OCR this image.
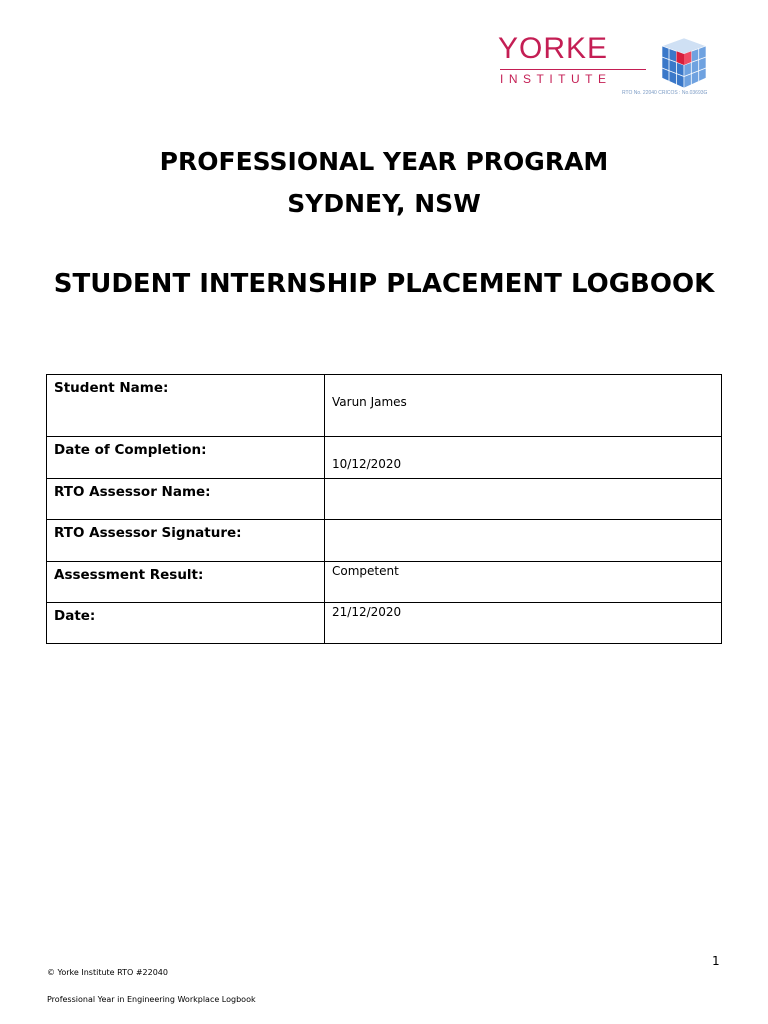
YORKE
INSTITUTE
RTO No. 22040 CRICOS : No.03693G
PROFESSIONAL YEAR PROGRAM
SYDNEY, NSW
STUDENT INTERNSHIP PLACEMENT LOGBOOK
Student Name:	Varun James

Date of Completion:	10/12/2020

RTO Assessor Name:	

RTO Assessor Signature:	

Assessment Result:	Competent

Date:	21/12/2020
1
© Yorke Institute RTO #22040
Professional Year in Engineering Workplace Logbook
